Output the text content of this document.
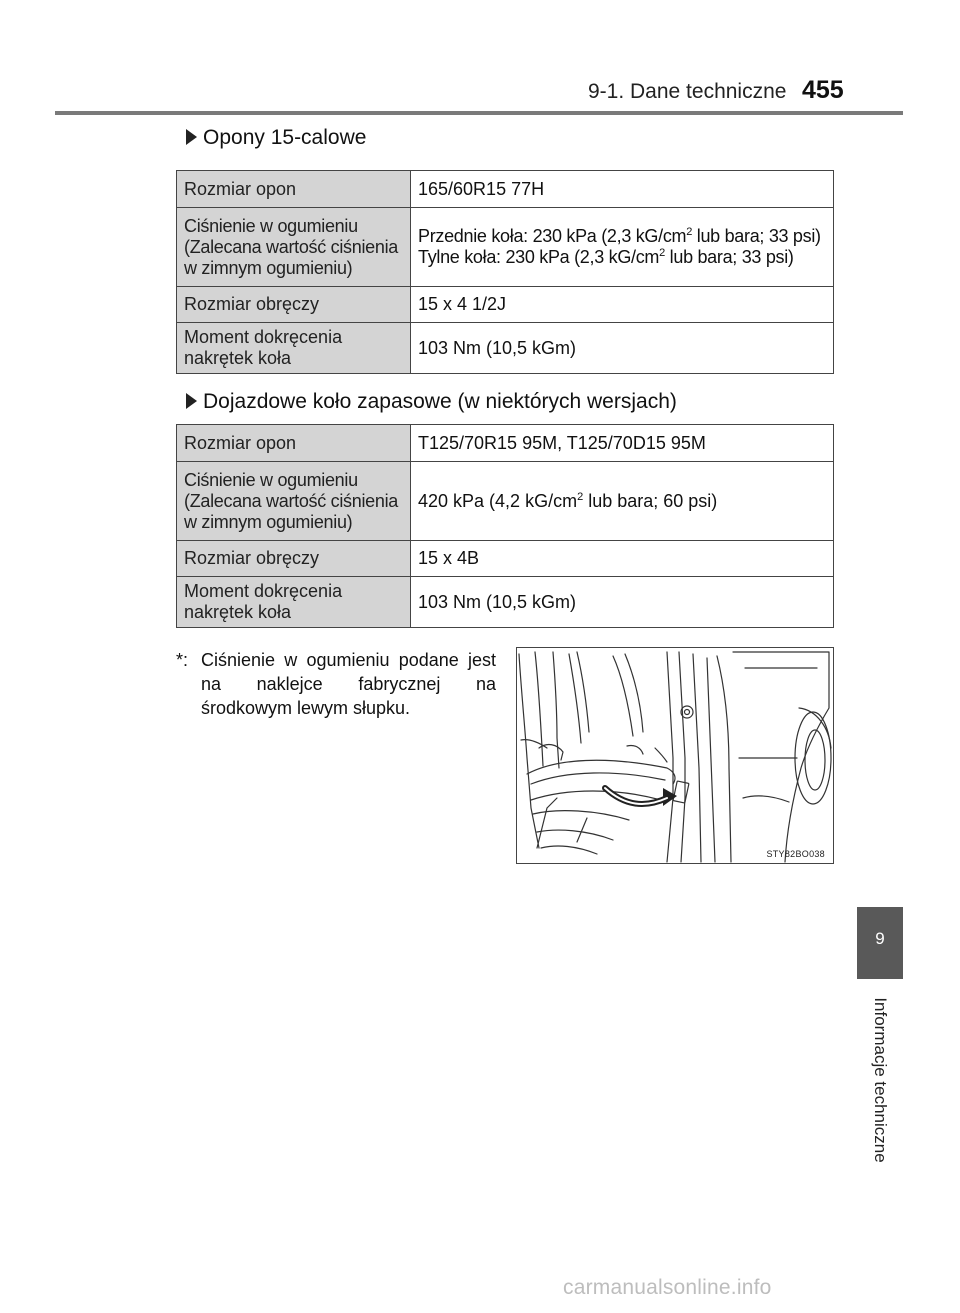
9-1. Dane techniczne 455
Opony 15-calowe
Rozmiar opon	165/60R15 77H
Ciśnienie w ogumieniu
(Zalecana wartość ciśnienia
w zimnym ogumieniu)	Przednie koła: 230 kPa (2,3 $kG/cm^2$ lub bara; 33 psi)
Tylne koła: 230 kPa (2,3 $kG/cm^2$ lub bara; 33 psi)
Rozmiar obręczy	15 x 4 1/2J
Moment dokręcenia
nakrętek koła	103 Nm (10,5 kGm)
Dojazdowe koło zapasowe (w niektórych wersjach)
Rozmiar opon	T125/70R15 95M, T125/70D15 95M
Ciśnienie w ogumieniu
(Zalecana wartość ciśnienia
w zimnym ogumieniu)	420 kPa (4,2 $kG/cm^2$ lub bara; 60 psi)
Rozmiar obręczy	15 x 4B
Moment dokręcenia
nakrętek koła	103 Nm (10,5 kGm)
*: Ciśnienie w ogumieniu podane jest na naklejce fabrycznej na środkowym lewym słupku.
STY82BO038
9
Informacje techniczne
carmanualsonline.info
